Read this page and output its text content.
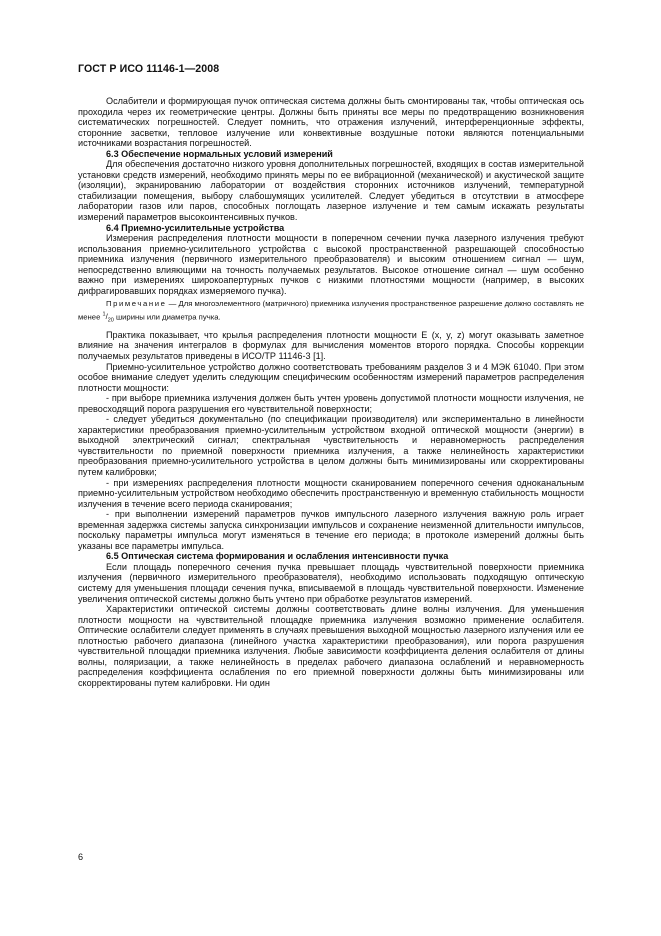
ГОСТ Р ИСО 11146-1—2008

Ослабители и формирующая пучок оптическая система должны быть смонтированы так, чтобы оптическая ось проходила через их геометрические центры. Должны быть приняты все меры по предотвращению возникновения систематических погрешностей. Следует помнить, что отражения излучений, интерференционные эффекты, сторонние засветки, тепловое излучение или конвективные воздушные потоки являются потенциальными источниками возрастания погрешностей.

6.3 Обеспечение нормальных условий измерений

Для обеспечения достаточно низкого уровня дополнительных погрешностей, входящих в состав измерительной установки средств измерений, необходимо принять меры по ее вибрационной (механической) и акустической защите (изоляции), экранированию лаборатории от воздействия сторонних источников излучений, температурной стабилизации помещения, выбору слабошумящих усилителей. Следует убедиться в отсутствии в атмосфере лаборатории газов или паров, способных поглощать лазерное излучение и тем самым искажать результаты измерений параметров высокоинтенсивных пучков.

6.4 Приемно-усилительные устройства

Измерения распределения плотности мощности в поперечном сечении пучка лазерного излучения требуют использования приемно-усилительного устройства с высокой пространственной разрешающей способностью приемника излучения (первичного измерительного преобразователя) и высоким отношением сигнал — шум, непосредственно влияющими на точность получаемых результатов. Высокое отношение сигнал — шум особенно важно при измерениях широкоапертурных пучков с низкими плотностями мощности (например, в высоких дифрагировавших порядках измеряемого пучка).

Примечание — Для многоэлементного (матричного) приемника излучения пространственное разрешение должно составлять не менее $^1/_{20}$ ширины или диаметра пучка.

Практика показывает, что крылья распределения плотности мощности E (x, y, z) могут оказывать заметное влияние на значения интегралов в формулах для вычисления моментов второго порядка. Способы коррекции получаемых результатов приведены в ИСО/ТР 11146-3 [1].

Приемно-усилительное устройство должно соответствовать требованиям разделов 3 и 4 МЭК 61040. При этом особое внимание следует уделить следующим специфическим особенностям измерений параметров распределения плотности мощности:

- при выборе приемника излучения должен быть учтен уровень допустимой плотности мощности излучения, не превосходящий порога разрушения его чувствительной поверхности;

- следует убедиться документально (по спецификации производителя) или экспериментально в линейности характеристики преобразования приемно-усилительным устройством входной оптической мощности (энергии) в выходной электрический сигнал; спектральная чувствительность и неравномерность распределения чувствительности по приемной поверхности приемника излучения, а также нелинейность характеристики преобразования приемно-усилительного устройства в целом должны быть минимизированы или скорректированы путем калибровки;

- при измерениях распределения плотности мощности сканированием поперечного сечения одноканальным приемно-усилительным устройством необходимо обеспечить пространственную и временную стабильность мощности излучения в течение всего периода сканирования;

- при выполнении измерений параметров пучков импульсного лазерного излучения важную роль играет временная задержка системы запуска синхронизации импульсов и сохранение неизменной длительности импульсов, поскольку параметры импульса могут изменяться в течение его периода; в протоколе измерений должны быть указаны все параметры импульса.

6.5 Оптическая система формирования и ослабления интенсивности пучка

Если площадь поперечного сечения пучка превышает площадь чувствительной поверхности приемника излучения (первичного измерительного преобразователя), необходимо использовать подходящую оптическую систему для уменьшения площади сечения пучка, вписываемой в площадь чувствительной поверхности. Изменение увеличения оптической системы должно быть учтено при обработке результатов измерений.

Характеристики оптической системы должны соответствовать длине волны излучения. Для уменьшения плотности мощности на чувствительной площадке приемника излучения возможно применение ослабителя. Оптические ослабители следует применять в случаях превышения выходной мощностью лазерного излучения или ее плотностью рабочего диапазона (линейного участка характеристики преобразования), или порога разрушения чувствительной площадки приемника излучения. Любые зависимости коэффициента деления ослабителя от длины волны, поляризации, а также нелинейность в пределах рабочего диапазона ослаблений и неравномерность распределения коэффициента ослабления по его приемной поверхности должны быть минимизированы или скорректированы путем калибровки. Ни один

6
